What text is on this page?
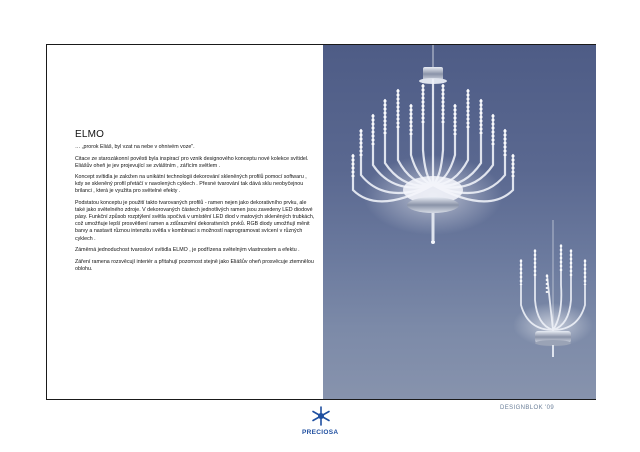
ELMO

… „prorok Eliáš, byl vzat na nebe v ohnivém voze".

Citace ze starozákonní pověsti byla inspirací pro vznik designového konceptu nové kolekce svítidel. Eliášův oheň je jev projevující se zvláštním , zářícím světlem .

Koncept svítidla je založen na unikátní technologii dekorování skleněných profilů pomocí softwaru , kdy se skleněný profil přetáčí v navolených cyklech . Přesné tvarování tak dává sklu neobyčejnou brilanci , která je využita pro světelné efekty .

Podstatou konceptu je použití takto tvarovaných profilů - ramen nejen jako dekorativního prvku, ale také jako světelného zdroje. V dekorovaných částech jednotlivých ramen jsou zavedeny LED diodové pásy. Funkční způsob rozptýlení světla spočívá v umístění LED diod v matových skleněných trubkách, což umožňuje lepší prosvětlení ramen a zdůraznění dekorativních prvků. RGB diody umožňují měnit barvy a nastavit různou intenzitu světla v kombinaci s možností naprogramovat svícení v různých cyklech .

Záměrná jednoduchost tvarosloví svítidla ELMO , je podřízena světelným vlastnostem a efektu .

Záření ramena rozsvěcují interiér a přitahují pozornost stejně jako Eliášův oheň prosvěcuje ztemnělou oblohu.

PRECIOSA
DESIGNBLOK '09
